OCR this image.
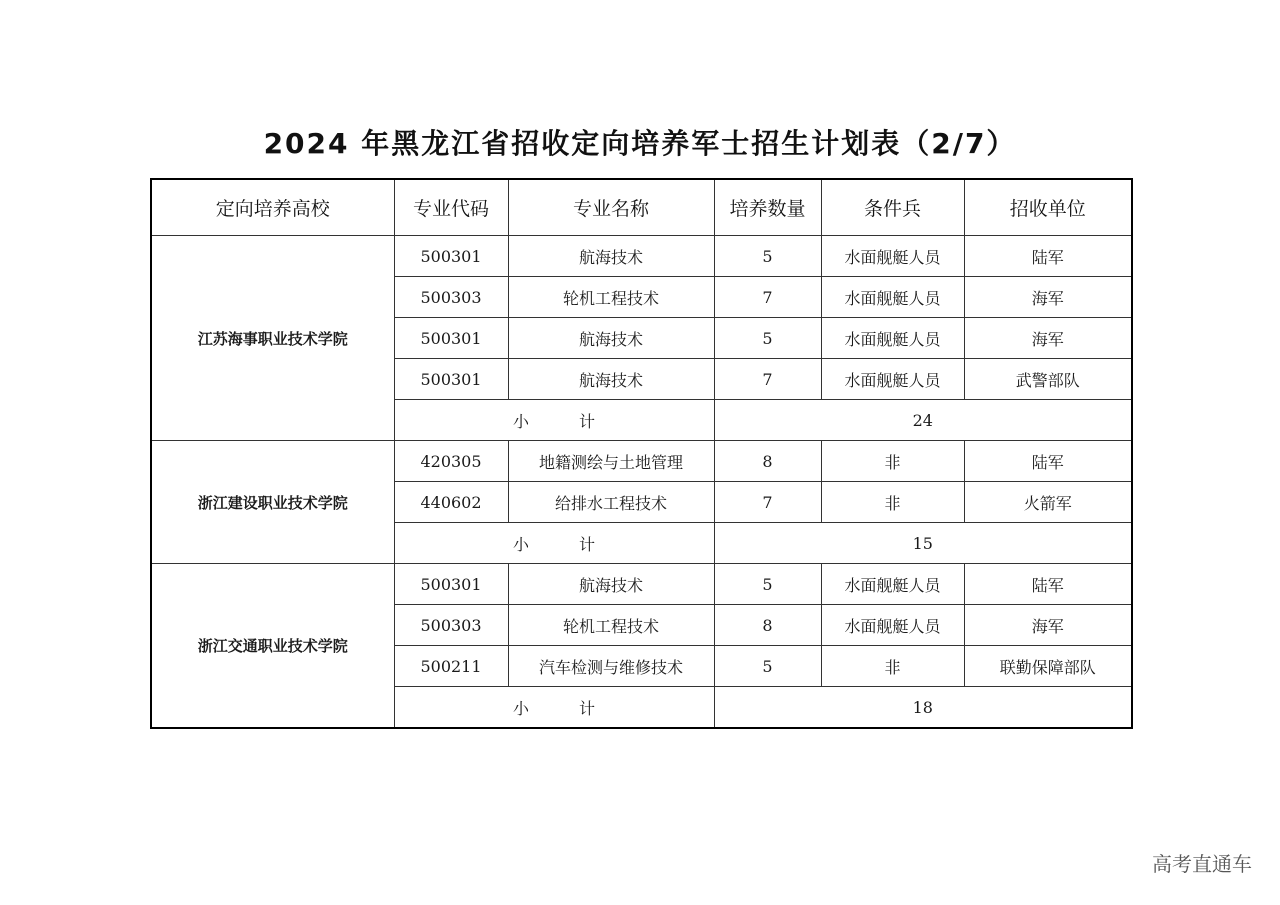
2024 年黑龙江省招收定向培养军士招生计划表（2/7）
定向培养高校	专业代码	专业名称	培养数量	条件兵	招收单位
江苏海事职业技术学院	500301	航海技术	5	水面舰艇人员	陆军
	500303	轮机工程技术	7	水面舰艇人员	海军
	500301	航海技术	5	水面舰艇人员	海军
	500301	航海技术	7	水面舰艇人员	武警部队
	小 计		24		
浙江建设职业技术学院	420305	地籍测绘与土地管理	8	非	陆军
	440602	给排水工程技术	7	非	火箭军
	小 计		15		
浙江交通职业技术学院	500301	航海技术	5	水面舰艇人员	陆军
	500303	轮机工程技术	8	水面舰艇人员	海军
	500211	汽车检测与维修技术	5	非	联勤保障部队
	小 计		18		
高考直通车
